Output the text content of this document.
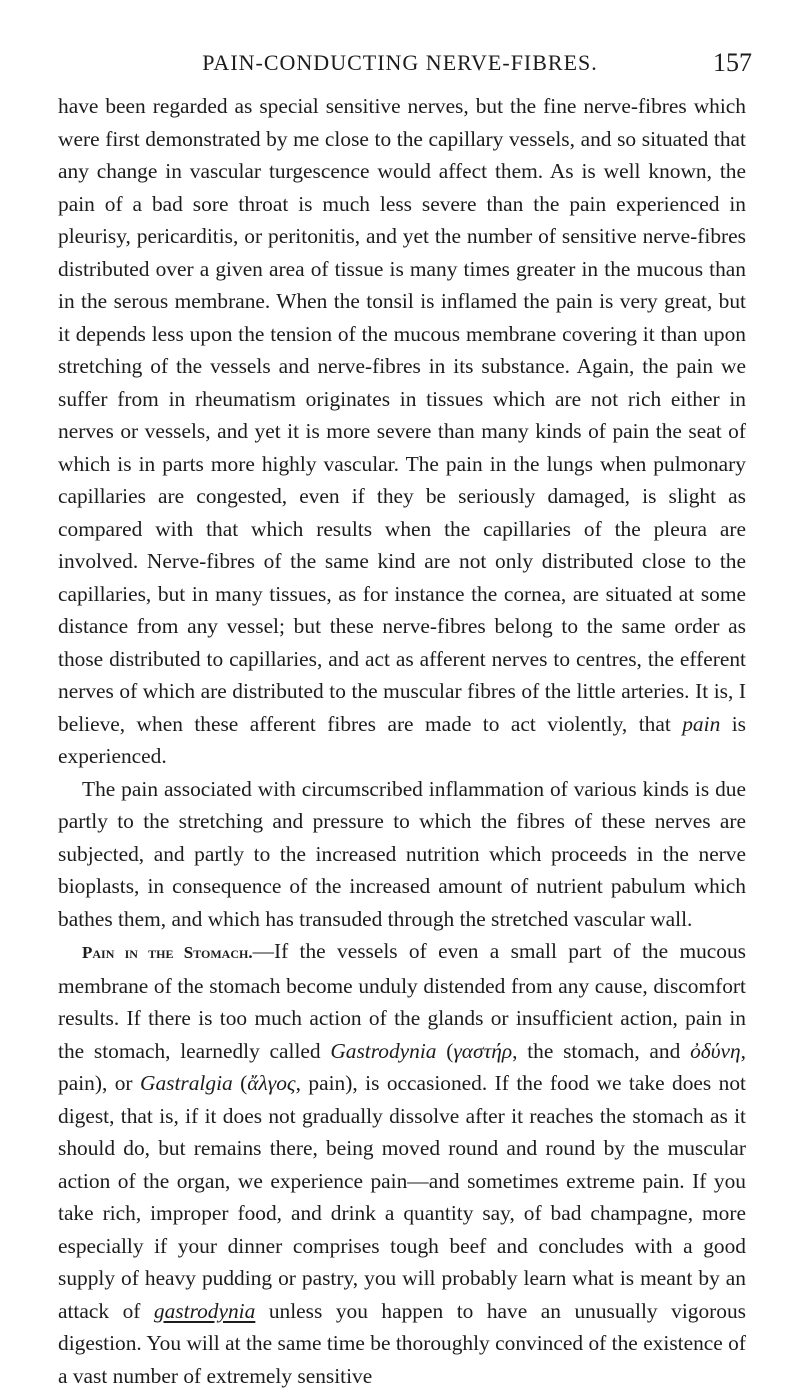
PAIN-CONDUCTING NERVE-FIBRES.	157

have been regarded as special sensitive nerves, but the fine nerve-fibres which were first demonstrated by me close to the capillary vessels, and so situated that any change in vascular turgescence would affect them. As is well known, the pain of a bad sore throat is much less severe than the pain experienced in pleurisy, pericarditis, or peritonitis, and yet the number of sensitive nerve-fibres distributed over a given area of tissue is many times greater in the mucous than in the serous membrane. When the tonsil is inflamed the pain is very great, but it depends less upon the tension of the mucous membrane covering it than upon stretching of the vessels and nerve-fibres in its substance. Again, the pain we suffer from in rheumatism originates in tissues which are not rich either in nerves or vessels, and yet it is more severe than many kinds of pain the seat of which is in parts more highly vascular. The pain in the lungs when pulmonary capillaries are congested, even if they be seriously damaged, is slight as compared with that which results when the capillaries of the pleura are involved. Nerve-fibres of the same kind are not only distributed close to the capillaries, but in many tissues, as for instance the cornea, are situated at some distance from any vessel; but these nerve-fibres belong to the same order as those distributed to capillaries, and act as afferent nerves to centres, the efferent nerves of which are distributed to the muscular fibres of the little arteries. It is, I believe, when these afferent fibres are made to act violently, that pain is experienced.

The pain associated with circumscribed inflammation of various kinds is due partly to the stretching and pressure to which the fibres of these nerves are subjected, and partly to the increased nutrition which proceeds in the nerve bioplasts, in consequence of the increased amount of nutrient pabulum which bathes them, and which has transuded through the stretched vascular wall.

Pain in the Stomach.—If the vessels of even a small part of the mucous membrane of the stomach become unduly distended from any cause, discomfort results. If there is too much action of the glands or insufficient action, pain in the stomach, learnedly called Gastrodynia (γαστήρ, the stomach, and ὀδύνη, pain), or Gastralgia (ἄλγος, pain), is occasioned. If the food we take does not digest, that is, if it does not gradually dissolve after it reaches the stomach as it should do, but remains there, being moved round and round by the muscular action of the organ, we experience pain—and sometimes extreme pain. If you take rich, improper food, and drink a quantity say, of bad champagne, more especially if your dinner comprises tough beef and concludes with a good supply of heavy pudding or pastry, you will probably learn what is meant by an attack of gastrodynia unless you happen to have an unusually vigorous digestion. You will at the same time be thoroughly convinced of the existence of a vast number of extremely sensitive
